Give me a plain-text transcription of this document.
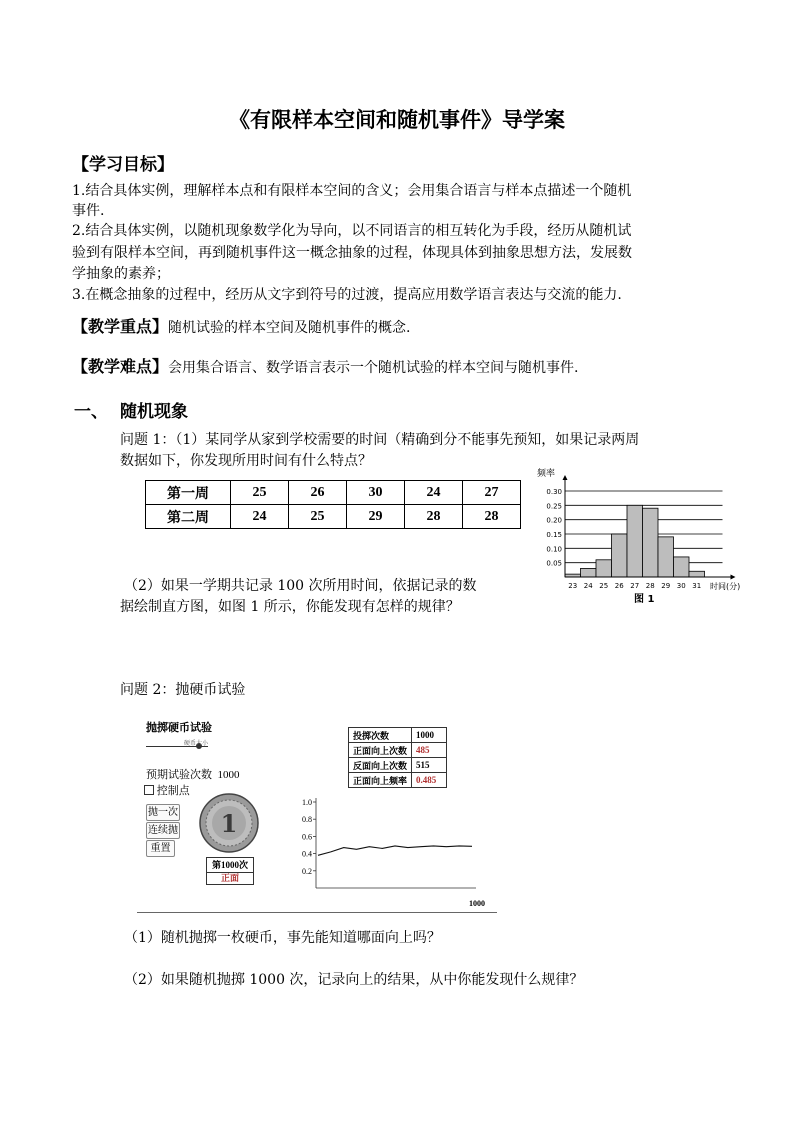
《有限样本空间和随机事件》导学案
【学习目标】
1.结合具体实例，理解样本点和有限样本空间的含义；会用集合语言与样本点描述一个随机
事件.
2.结合具体实例，以随机现象数学化为导向，以不同语言的相互转化为手段，经历从随机试
验到有限样本空间，再到随机事件这一概念抽象的过程，体现具体到抽象思想方法，发展数
学抽象的素养；
3.在概念抽象的过程中，经历从文字到符号的过渡，提高应用数学语言表达与交流的能力.
【教学重点】随机试验的样本空间及随机事件的概念.
【教学难点】会用集合语言、数学语言表示一个随机试验的样本空间与随机事件.
一、 随机现象
问题 1：（1）某同学从家到学校需要的时间（精确到分不能事先预知，如果记录两周
数据如下，你发现所用时间有什么特点？
第一周	25	26	30	24	27
第二周	24	25	29	28	28
（2）如果一学期共记录 100 次所用时间，依据记录的数
据绘制直方图，如图 1 所示，你能发现有怎样的规律？
0.05
0.10
0.15
0.20
0.25
0.30
23 24 25 26 27 28 29 30 31
频率
时间(分)
图 1
问题 2：抛硬币试验
抛掷硬币试验
硬币大小
预期试验次数 1000
控制点
抛一次
连续抛
重置
1
第1000次
正面
投掷次数	1000
正面向上次数	485
反面向上次数	515
正面向上频率	0.485
0.2
0.4
0.6
0.8
1.0
1000
（1）随机抛掷一枚硬币，事先能知道哪面向上吗？
（2）如果随机抛掷 1000 次，记录向上的结果，从中你能发现什么规律？
